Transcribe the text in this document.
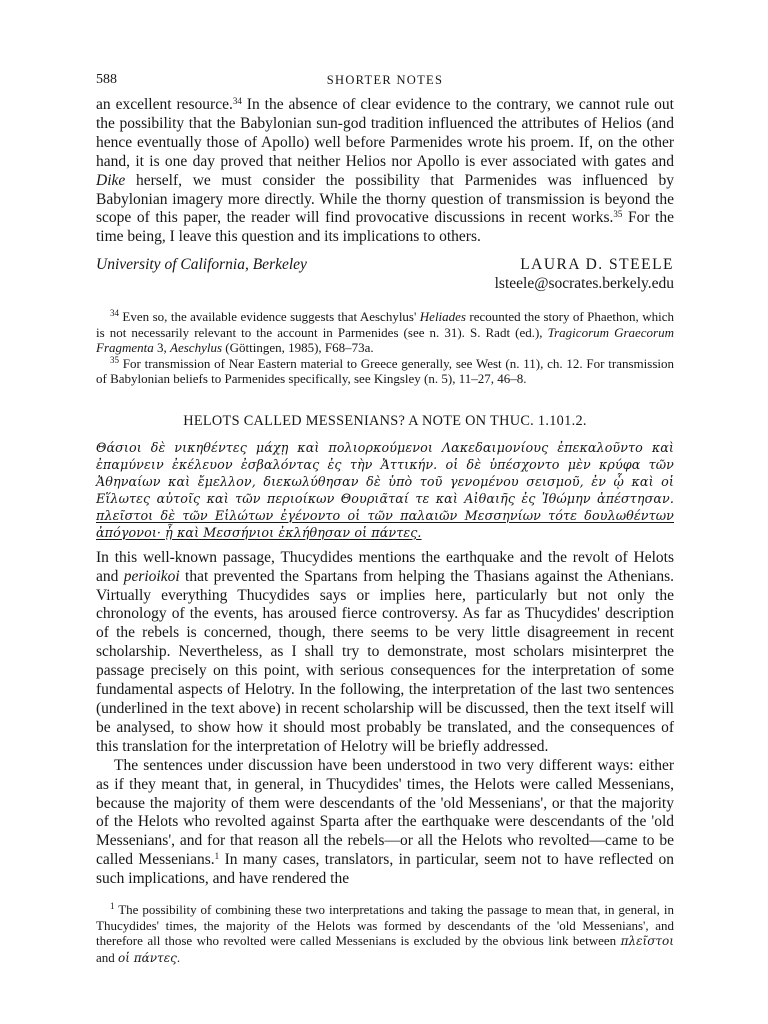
588	SHORTER NOTES

an excellent resource.$^{34}$ In the absence of clear evidence to the contrary, we cannot rule out the possibility that the Babylonian sun-god tradition influenced the attributes of Helios (and hence eventually those of Apollo) well before Parmenides wrote his proem. If, on the other hand, it is one day proved that neither Helios nor Apollo is ever associated with gates and Dike herself, we must consider the possibility that Parmenides was influenced by Babylonian imagery more directly. While the thorny question of transmission is beyond the scope of this paper, the reader will find provocative discussions in recent works.$^{35}$ For the time being, I leave this question and its implications to others.

University of California, Berkeley	LAURA D. STEELE
lsteele@socrates.berkely.edu

$^{34}$ Even so, the available evidence suggests that Aeschylus' Heliades recounted the story of Phaethon, which is not necessarily relevant to the account in Parmenides (see n. 31). S. Radt (ed.), Tragicorum Graecorum Fragmenta 3, Aeschylus (Göttingen, 1985), F68–73a.

$^{35}$ For transmission of Near Eastern material to Greece generally, see West (n. 11), ch. 12. For transmission of Babylonian beliefs to Parmenides specifically, see Kingsley (n. 5), 11–27, 46–8.

HELOTS CALLED MESSENIANS? A NOTE ON THUC. 1.101.2.

Θάσιοι δὲ νικηθέντες μάχῃ καὶ πολιορκούμενοι Λακεδαιμονίους ἐπεκαλοῦντο καὶ ἐπαμύνειν ἐκέλευον ἐσβαλόντας ἐς τὴν Ἀττικήν. οἱ δὲ ὑπέσχοντο μὲν κρύφα τῶν Ἀθηναίων καὶ ἔμελλον, διεκωλύθησαν δὲ ὑπὸ τοῦ γενομένου σεισμοῦ, ἐν ᾧ καὶ οἱ Εἵλωτες αὐτοῖς καὶ τῶν περιοίκων Θουριᾶταί τε καὶ Αἰθαιῆς ἐς Ἰθώμην ἀπέστησαν. πλεῖστοι δὲ τῶν Εἱλώτων ἐγένοντο οἱ τῶν παλαιῶν Μεσσηνίων τότε δουλωθέντων ἀπόγονοι· ᾗ καὶ Μεσσήνιοι ἐκλήθησαν οἱ πάντες.

In this well-known passage, Thucydides mentions the earthquake and the revolt of Helots and perioikoi that prevented the Spartans from helping the Thasians against the Athenians. Virtually everything Thucydides says or implies here, particularly but not only the chronology of the events, has aroused fierce controversy. As far as Thucydides' description of the rebels is concerned, though, there seems to be very little disagreement in recent scholarship. Nevertheless, as I shall try to demonstrate, most scholars misinterpret the passage precisely on this point, with serious consequences for the interpretation of some fundamental aspects of Helotry. In the following, the interpretation of the last two sentences (underlined in the text above) in recent scholarship will be discussed, then the text itself will be analysed, to show how it should most probably be translated, and the consequences of this translation for the interpretation of Helotry will be briefly addressed.

The sentences under discussion have been understood in two very different ways: either as if they meant that, in general, in Thucydides' times, the Helots were called Messenians, because the majority of them were descendants of the 'old Messenians', or that the majority of the Helots who revolted against Sparta after the earthquake were descendants of the 'old Messenians', and for that reason all the rebels—or all the Helots who revolted—came to be called Messenians.$^1$ In many cases, translators, in particular, seem not to have reflected on such implications, and have rendered the

$^1$ The possibility of combining these two interpretations and taking the passage to mean that, in general, in Thucydides' times, the majority of the Helots was formed by descendants of the 'old Messenians', and therefore all those who revolted were called Messenians is excluded by the obvious link between πλεῖστοι and οἱ πάντες.
